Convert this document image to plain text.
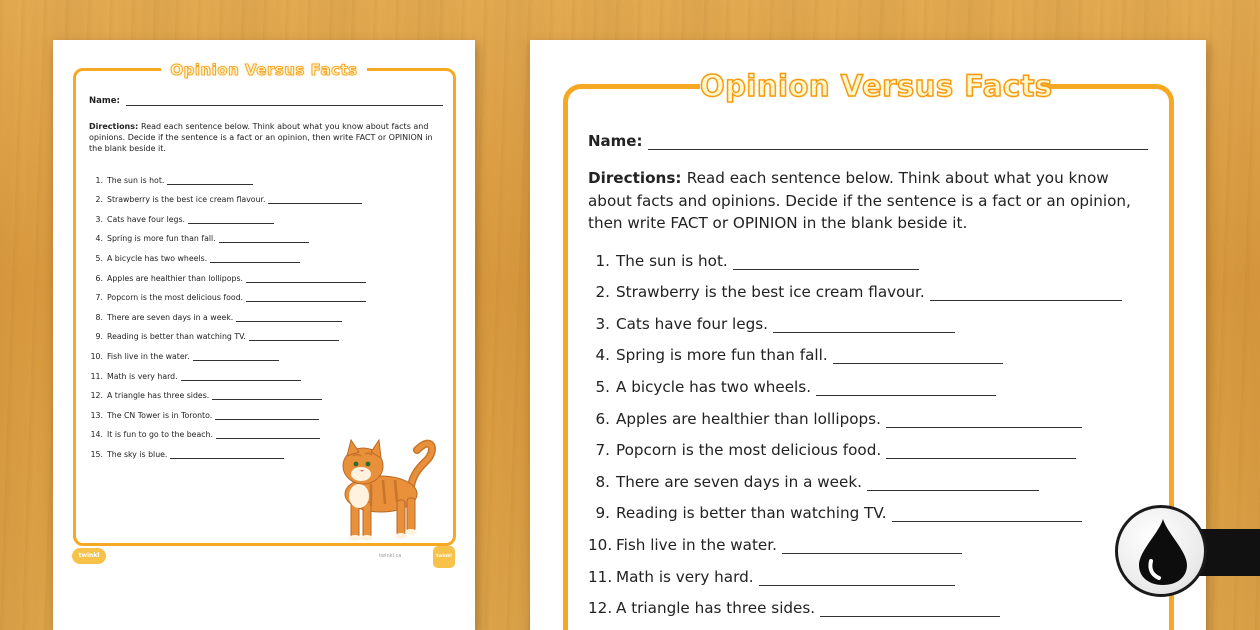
Opinion Versus Facts
Name:
Directions: Read each sentence below. Think about what you know about facts and opinions. Decide if the sentence is a fact or an opinion, then write FACT or OPINION in the blank beside it.
1. The sun is hot.
2. Strawberry is the best ice cream flavour.
3. Cats have four legs.
4. Spring is more fun than fall.
5. A bicycle has two wheels.
6. Apples are healthier than lollipops.
7. Popcorn is the most delicious food.
8. There are seven days in a week.
9. Reading is better than watching TV.
10. Fish live in the water.
11. Math is very hard.
12. A triangle has three sides.
13. The CN Tower is in Toronto.
14. It is fun to go to the beach.
15. The sky is blue.
twinkl	twinkl.ca	twinkl
Opinion Versus Facts
Name:
Directions: Read each sentence below. Think about what you know about facts and opinions. Decide if the sentence is a fact or an opinion, then write FACT or OPINION in the blank beside it.
1. The sun is hot.
2. Strawberry is the best ice cream flavour.
3. Cats have four legs.
4. Spring is more fun than fall.
5. A bicycle has two wheels.
6. Apples are healthier than lollipops.
7. Popcorn is the most delicious food.
8. There are seven days in a week.
9. Reading is better than watching TV.
10. Fish live in the water.
11. Math is very hard.
12. A triangle has three sides.
